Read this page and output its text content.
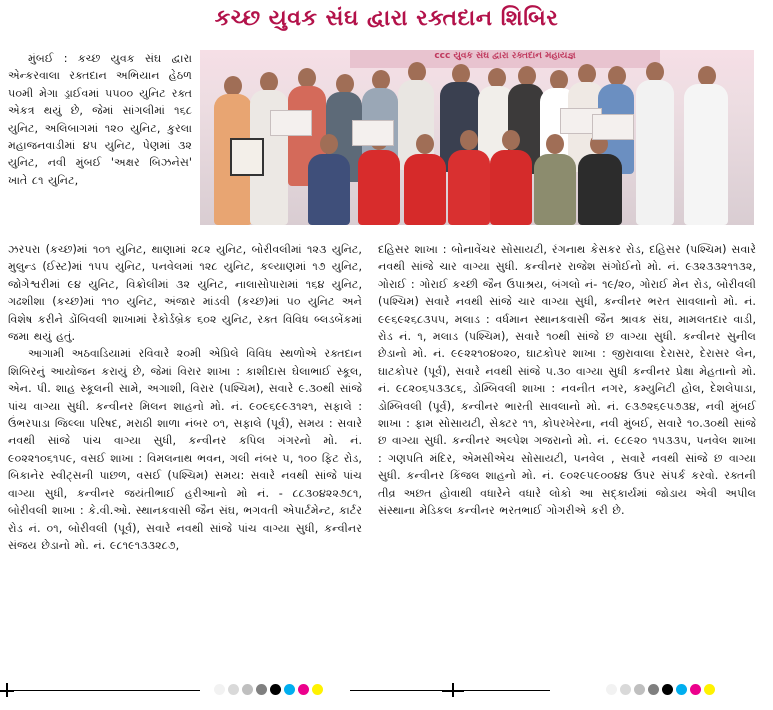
કચ્છ યુવક સંઘ દ્વારા રક્તદાન શિબિર

મુંબઈ : કચ્છ યુવક સંઘ દ્વારા એન્કરવાલા રક્તદાન અભિયાન હેઠળ ૫૦મી મેગા ડ્રાઈવમાં ૫૫૦૦ યુનિટ રક્ત એકત્ર થયું છે, જેમાં સાંગલીમાં ૧૬૮ યુનિટ, અલિબાગમાં ૧૨૦ યુનિટ, કુરલા મહાજનવાડીમાં ૪૫ યુનિટ, પેણમાં ૩૨ યુનિટ, નવી મુંબઈ 'અક્ષર બિઝનેસ' ખાતે ૮૧ યુનિટ,

ccc યુવક સંઘ દ્વારા રક્તદાન મહાયજ્ઞ

ઝરપરા (કચ્છ)માં ૧૦૧ યુનિટ, થાણામાં ૨૮૨ યુનિટ, બોરીવલીમાં ૧૨૩ યુનિટ, મુલુન્ડ (ઈસ્ટ)માં ૧૫૫ યુનિટ, પનવેલમાં ૧૨૮ યુનિટ, કલ્યાણમાં ૧૭ યુનિટ, જોગેશ્વરીમાં ૯૪ યુનિટ, વિક્રોલીમાં ૩૨ યુનિટ, નાલાસોપારામાં ૧૬૪ યુનિટ, ગઢશીશા (કચ્છ)માં ૧૧૦ યુનિટ, અંજાર માંડવી (કચ્છ)માં ૫૦ યુનિટ અને વિશેષ કરીને ડોંબિવલી શાખામાં રેકોર્ડબ્રેક ૬૦૨ યુનિટ, રક્ત વિવિધ બ્લડબેંકમાં જમા થયું હતું.

આગામી અઠવાડિયામાં રવિવારે ૨૦મી એપ્રિલે વિવિધ સ્થળોએ રક્તદાન શિબિરનું આયોજન કરાયું છે, જેમાં વિરાર શાખા : કાશીદાસ ઘેલાભાઈ સ્કૂલ, એન. પી. શાહ સ્કૂલની સામે, અગાશી, વિરાર (પશ્ચિમ), સવારે ૯.૩૦થી સાંજે પાંચ વાગ્યા સુધી. કન્વીનર મિલન શાહનો મો. નં. ૯૦૯૬૯૯૩૧૨૧, સફાલે : ઉંભરપાડા જિલ્લા પરિષદ, મરાઠી શાળા નંબર ૦૧, સફાલે (પૂર્વ), સમય : સવારે નવથી સાંજે પાંચ વાગ્યા સુધી, કન્વીનર કપિલ ગંગરનો મો. નં. ૯૦૨૨૧૦૬૧૫૯, વસઈ શાખા : વિમલનાથ ભવન, ગલી નંબર ૫, ૧૦૦ ફિટ રોડ, બિકાનેર સ્વીટ્સની પાછળ, વસઈ (પશ્ચિમ) સમય: સવારે નવથી સાંજે પાંચ વાગ્યા સુધી, કન્વીનર જયંતીભાઈ હરીઆનો મો નં. - ૮૮૩૦૪૨૨૭૮૧, બોરીવલી શાખા : કે.વી.ઓ. સ્થાનકવાસી જૈન સંઘ, ભગવતી એપાર્ટમેન્ટ, કાર્ટર રોડ નં. ૦૧, બોરીવલી (પૂર્વ), સવારે નવથી સાંજે પાંચ વાગ્યા સુધી, કન્વીનર સંજય છેડાનો મો. નં. ૯૮૧૯૧૩૩૨૮૭,

દહિસર શાખા : બોનાવેંચર સોસાયટી, રંગનાથ કેસકર રોડ, દહિસર (પશ્ચિમ) સવારે નવથી સાંજે ચાર વાગ્યા સુધી. કન્વીનર રાજેશ સંગોઈનો મો. નં. ૯૩૨૩૩૨૧૧૩૨, ગોરાઈ : ગોરાઈ કચ્છી જૈન ઉપાશ્રય, બંગલો નં- ૧૯/૨૦, ગોરાઈ મેન રોડ, બોરીવલી (પશ્ચિમ) સવારે નવથી સાંજે ચાર વાગ્યા સુધી, કન્વીનર ભરત સાવલાનો મો. નં. ૯૯૬૯૨૬૮૩૫૫, મલાડ : વર્ધમાન સ્થાનકવાસી જૈન શ્રાવક સંઘ, મામલતદાર વાડી, રોડ નં. ૧, મલાડ (પશ્ચિમ), સવારે ૧૦થી સાંજે છ વાગ્યા સુધી. કન્વીનર સુનીલ છેડાનો મો. નં. ૯૯૨૨૧૦૪૦૨૦, ઘાટકોપર શાખા : જીરાવાલા દેરાસર, દેરાસર લેન, ઘાટકોપર (પૂર્વ), સવારે નવથી સાંજે ૫.૩૦ વાગ્યા સુધી કન્વીનર પ્રેક્ષા મેહતાનો મો. નં. ૯૮૨૦૬૫૩૩૮૬, ડોમ્બિવલી શાખા : નવનીત નગર, કમ્યુનિટી હોલ, દેશલેપાડા, ડોમ્બિવલી (પૂર્વ), કન્વીનર ભારતી સાવલાનો મો. નં. ૯૩૭૨૬૯૫૭૩૪, નવી મુંબઈ શાખા : ફામ સોસાયટી, સેક્ટર ૧૧, કોપરખેરના, નવી મુંબઈ, સવારે ૧૦.૩૦થી સાંજે છ વાગ્યા સુધી. કન્વીનર અલ્પેશ ગજરાનો મો. નં. ૯૮૯૨૦ ૧૫૩૩૫, પનવેલ શાખા : ગણપતિ મંદિર, એમસીએચ સોસાયટી, પનવેલ , સવારે નવથી સાંજે છ વાગ્યા સુધી. કન્વીનર કિંજલ શાહનો મો. નં. ૯૦૨૯૫૯૦૦૪૪ ઉપર સંપર્ક કરવો. રક્તની તીવ્ર અછત હોવાથી વધારેને વધારે લોકો આ સદ્કાર્યમાં જોડાય એવી અપીલ સંસ્થાના મેડિકલ કન્વીનર ભરતભાઈ ગોગરીએ કરી છે.
